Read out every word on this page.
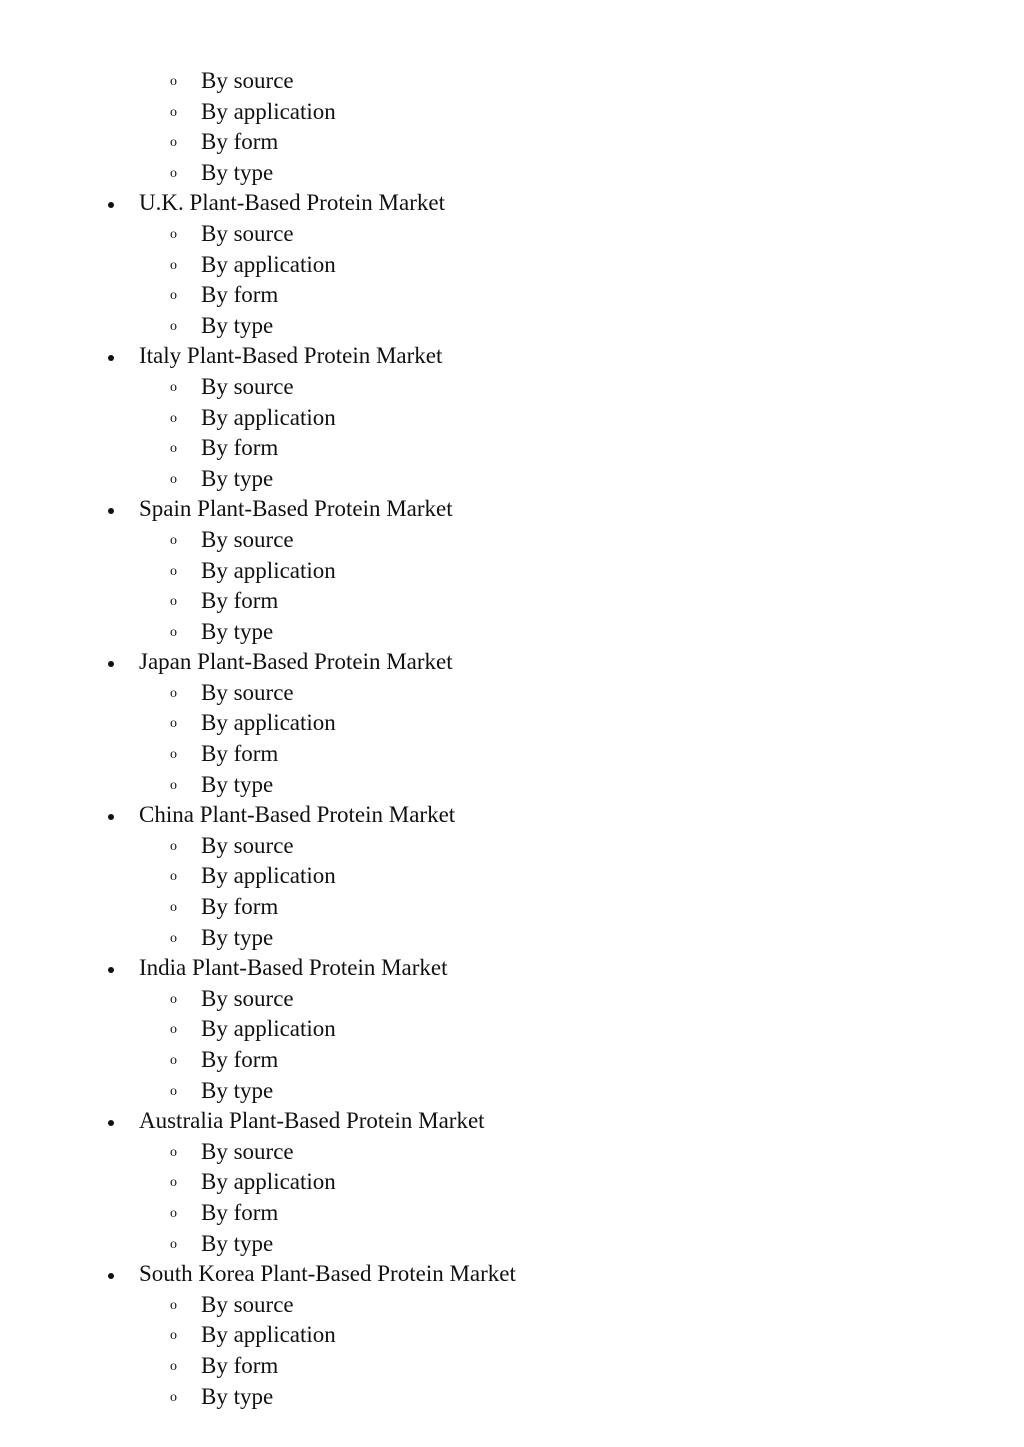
o By source
o By application
o By form
o By type
U.K. Plant-Based Protein Market
o By source
o By application
o By form
o By type
Italy Plant-Based Protein Market
o By source
o By application
o By form
o By type
Spain Plant-Based Protein Market
o By source
o By application
o By form
o By type
Japan Plant-Based Protein Market
o By source
o By application
o By form
o By type
China Plant-Based Protein Market
o By source
o By application
o By form
o By type
India Plant-Based Protein Market
o By source
o By application
o By form
o By type
Australia Plant-Based Protein Market
o By source
o By application
o By form
o By type
South Korea Plant-Based Protein Market
o By source
o By application
o By form
o By type
